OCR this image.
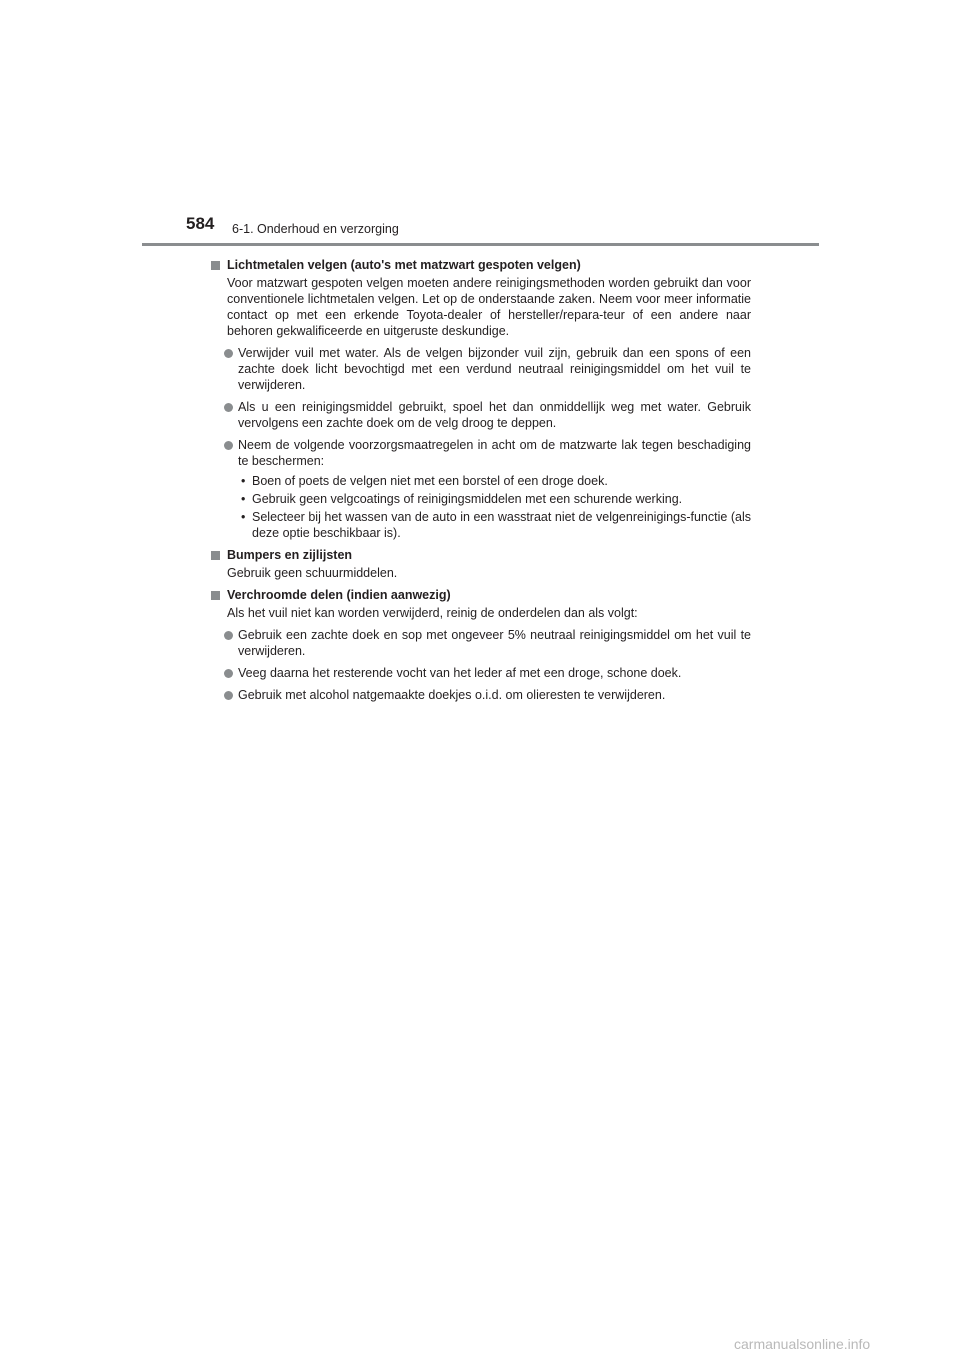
584 6-1. Onderhoud en verzorging
Lichtmetalen velgen (auto's met matzwart gespoten velgen)
Voor matzwart gespoten velgen moeten andere reinigingsmethoden worden gebruikt dan voor conventionele lichtmetalen velgen. Let op de onderstaande zaken. Neem voor meer informatie contact op met een erkende Toyota-dealer of hersteller/repara-teur of een andere naar behoren gekwalificeerde en uitgeruste deskundige.
Verwijder vuil met water. Als de velgen bijzonder vuil zijn, gebruik dan een spons of een zachte doek licht bevochtigd met een verdund neutraal reinigingsmiddel om het vuil te verwijderen.
Als u een reinigingsmiddel gebruikt, spoel het dan onmiddellijk weg met water. Gebruik vervolgens een zachte doek om de velg droog te deppen.
Neem de volgende voorzorgsmaatregelen in acht om de matzwarte lak tegen beschadiging te beschermen:
• Boen of poets de velgen niet met een borstel of een droge doek.
• Gebruik geen velgcoatings of reinigingsmiddelen met een schurende werking.
• Selecteer bij het wassen van de auto in een wasstraat niet de velgenreinigings-functie (als deze optie beschikbaar is).
Bumpers en zijlijsten
Gebruik geen schuurmiddelen.
Verchroomde delen (indien aanwezig)
Als het vuil niet kan worden verwijderd, reinig de onderdelen dan als volgt:
Gebruik een zachte doek en sop met ongeveer 5% neutraal reinigingsmiddel om het vuil te verwijderen.
Veeg daarna het resterende vocht van het leder af met een droge, schone doek.
Gebruik met alcohol natgemaakte doekjes o.i.d. om olieresten te verwijderen.
carmanualsonline.info
